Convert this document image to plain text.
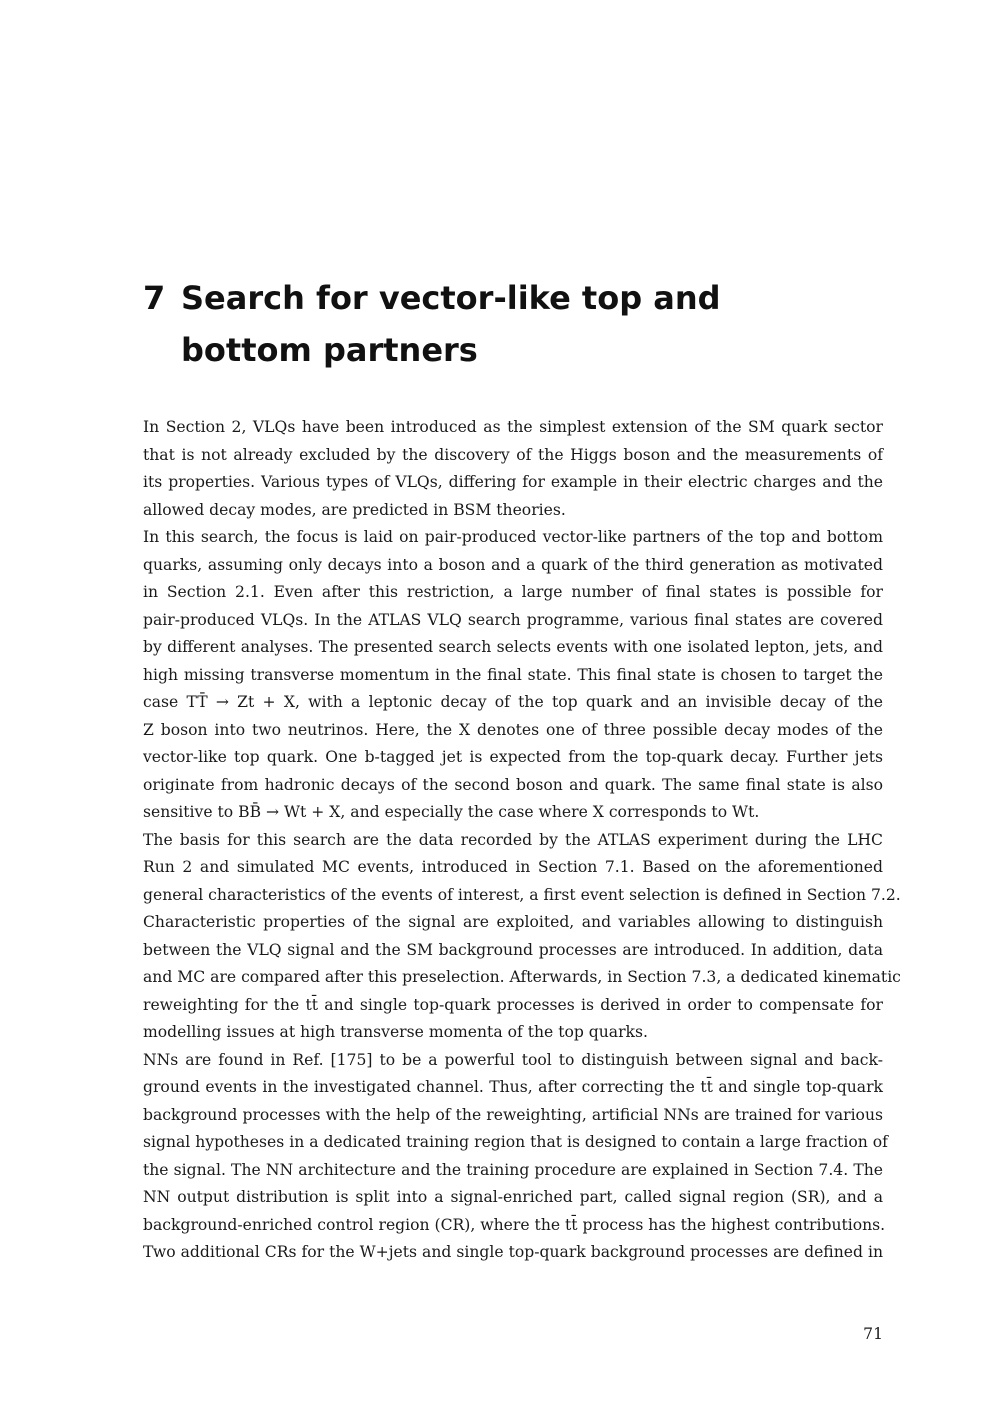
7 Search for vector-like top and bottom partners

In Section 2, VLQs have been introduced as the simplest extension of the SM quark sector
that is not already excluded by the discovery of the Higgs boson and the measurements of
its properties. Various types of VLQs, differing for example in their electric charges and the
allowed decay modes, are predicted in BSM theories.

In this search, the focus is laid on pair-produced vector-like partners of the top and bottom
quarks, assuming only decays into a boson and a quark of the third generation as motivated
in Section 2.1. Even after this restriction, a large number of final states is possible for
pair-produced VLQs. In the ATLAS VLQ search programme, various final states are covered
by different analyses. The presented search selects events with one isolated lepton, jets, and
high missing transverse momentum in the final state. This final state is chosen to target the
case TT̄ → Zt + X, with a leptonic decay of the top quark and an invisible decay of the
Z boson into two neutrinos. Here, the X denotes one of three possible decay modes of the
vector-like top quark. One b-tagged jet is expected from the top-quark decay. Further jets
originate from hadronic decays of the second boson and quark. The same final state is also
sensitive to BB̄ → Wt + X, and especially the case where X corresponds to Wt.

The basis for this search are the data recorded by the ATLAS experiment during the LHC
Run 2 and simulated MC events, introduced in Section 7.1. Based on the aforementioned
general characteristics of the events of interest, a first event selection is defined in Section 7.2.
Characteristic properties of the signal are exploited, and variables allowing to distinguish
between the VLQ signal and the SM background processes are introduced. In addition, data
and MC are compared after this preselection. Afterwards, in Section 7.3, a dedicated kinematic
reweighting for the tt̄ and single top-quark processes is derived in order to compensate for
modelling issues at high transverse momenta of the top quarks.

NNs are found in Ref. [175] to be a powerful tool to distinguish between signal and back-
ground events in the investigated channel. Thus, after correcting the tt̄ and single top-quark
background processes with the help of the reweighting, artificial NNs are trained for various
signal hypotheses in a dedicated training region that is designed to contain a large fraction of
the signal. The NN architecture and the training procedure are explained in Section 7.4. The
NN output distribution is split into a signal-enriched part, called signal region (SR), and a
background-enriched control region (CR), where the tt̄ process has the highest contributions.
Two additional CRs for the W+jets and single top-quark background processes are defined in

71
